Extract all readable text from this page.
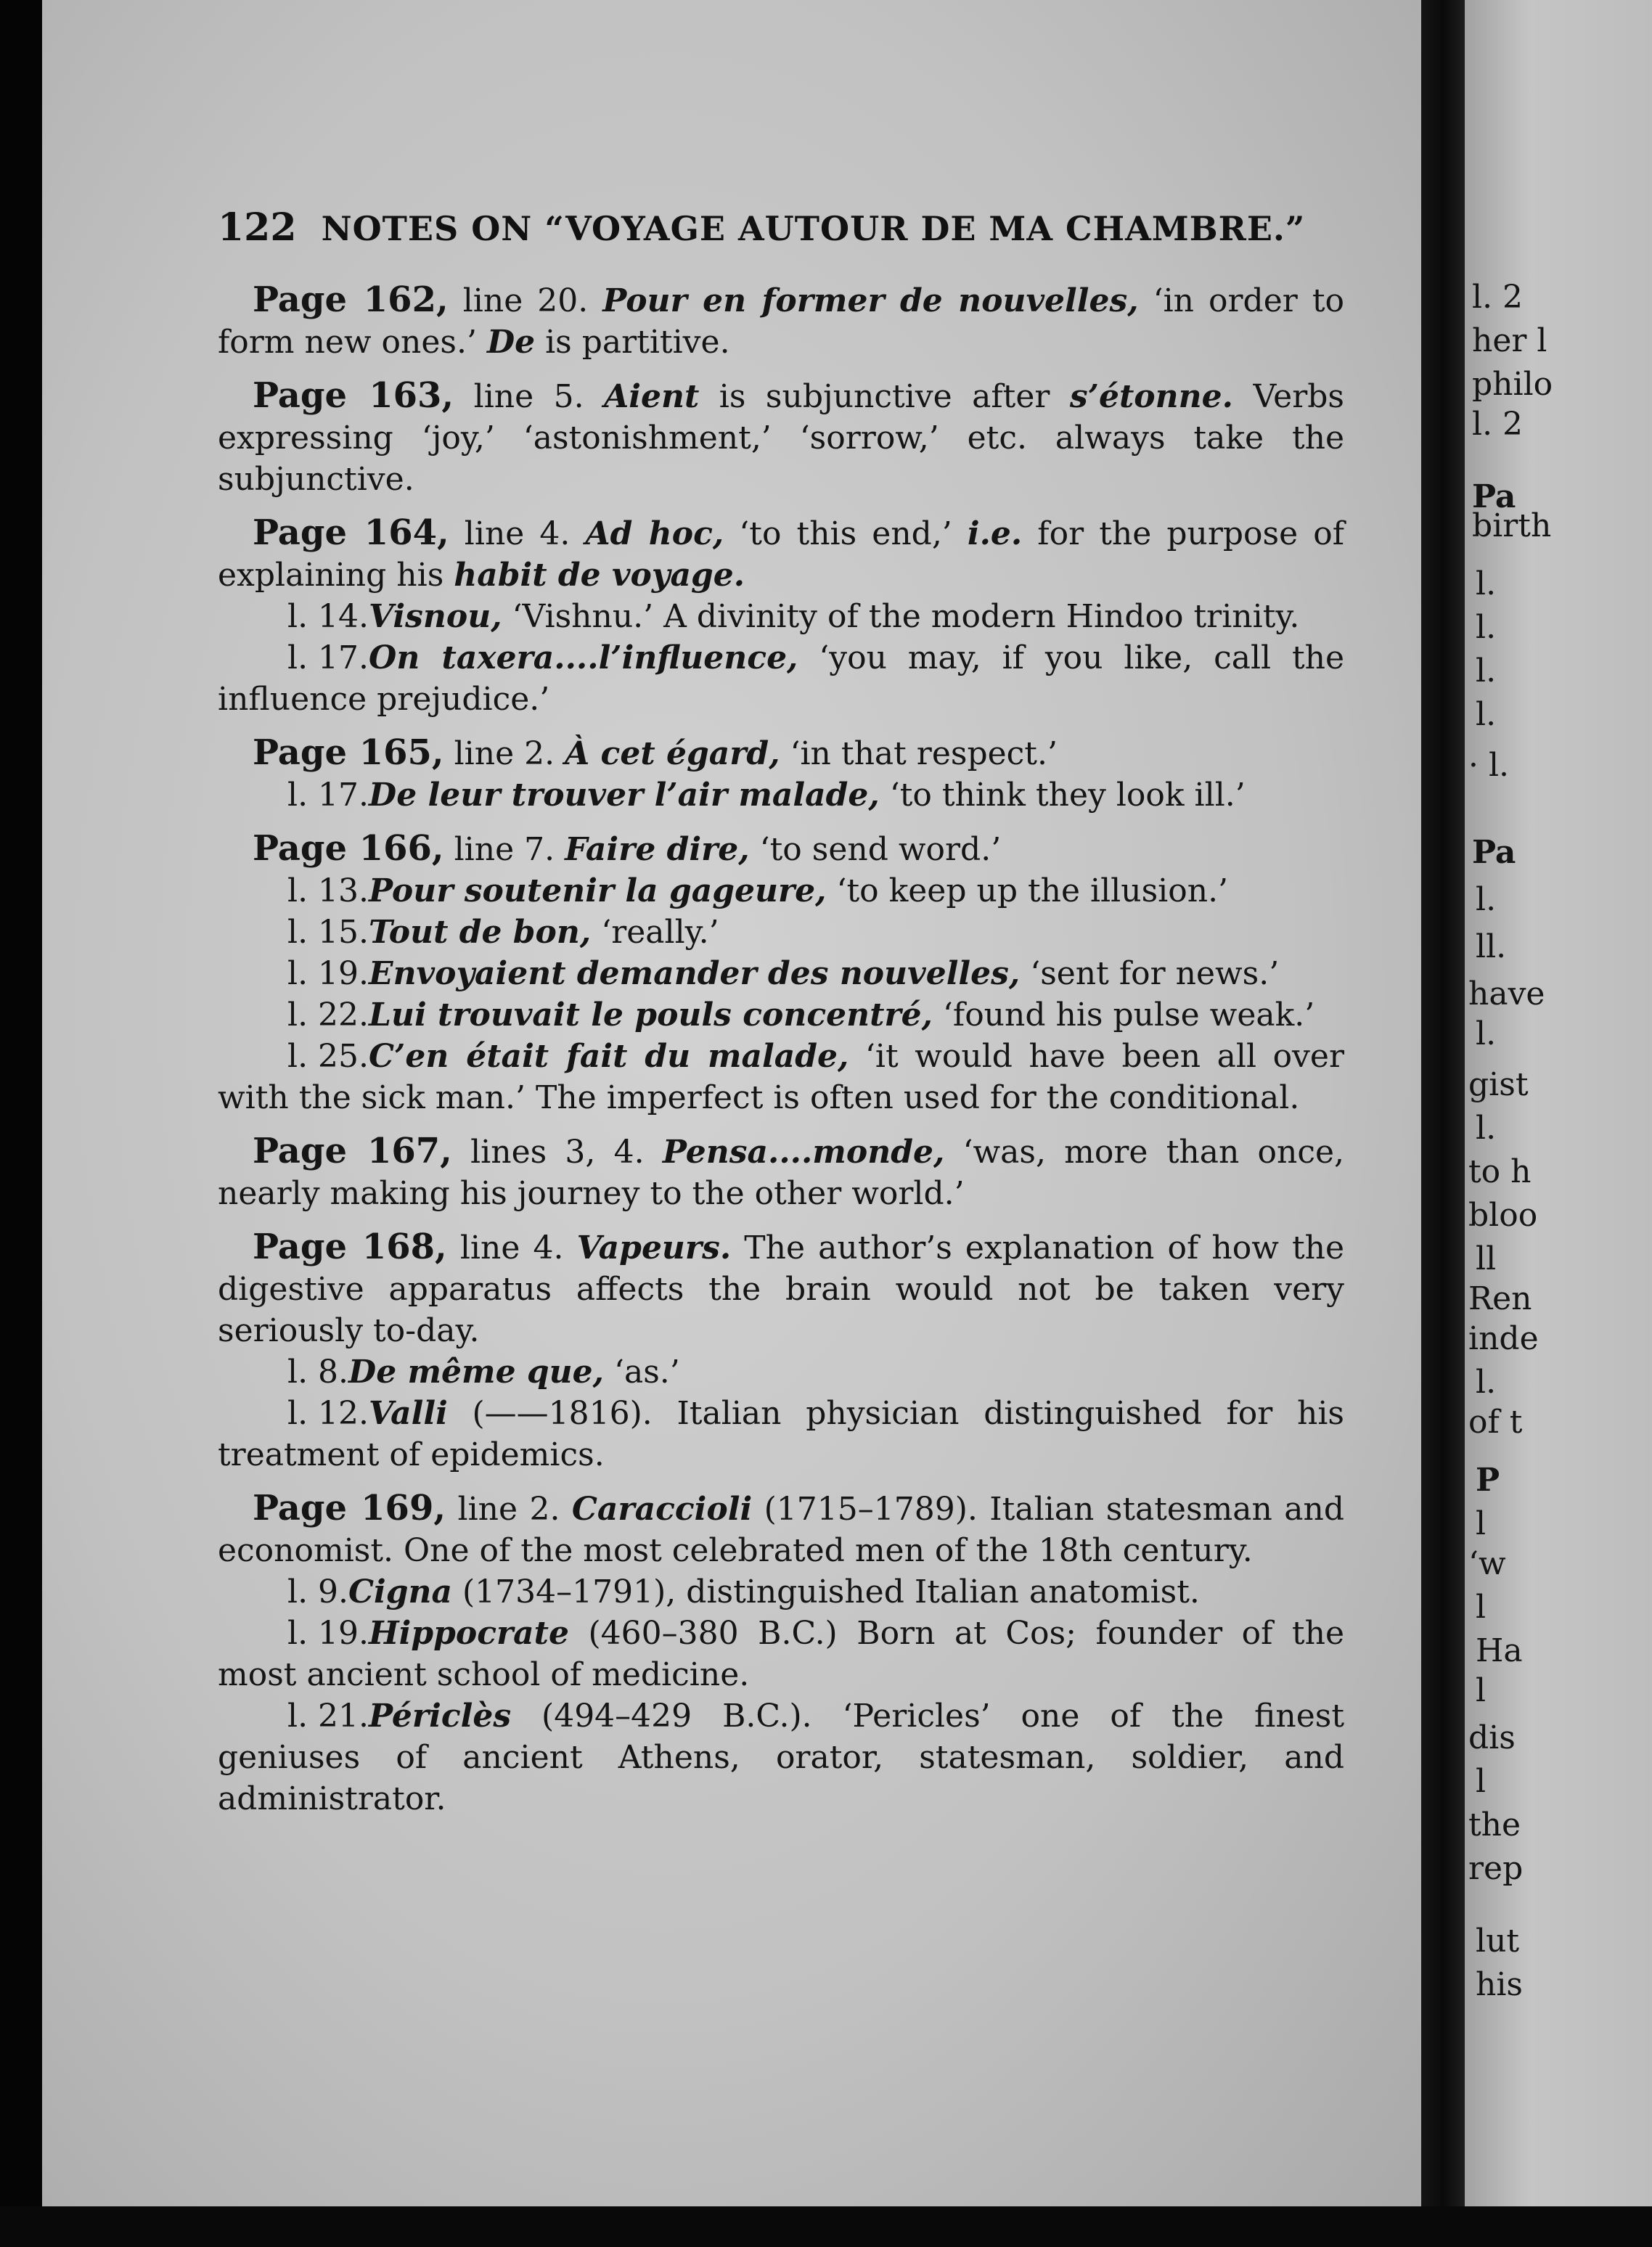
l. 2
her l
philo
l. 2
Pa
birth
l.
l.
l.
l.
· l.
Pa
l.
ll.
have
l.
gist
l.
to h
bloo
ll
Ren
inde
l.
of t
P
l
‘w
l
Ha
l
dis
l
the
rep
lut
his
122 NOTES ON “VOYAGE AUTOUR DE MA CHAMBRE.”

Page 162, line 20. Pour en former de nouvelles, ‘in order to form new ones.’ De is partitive.

Page 163, line 5. Aient is subjunctive after s’étonne. Verbs expressing ‘joy,’ ‘astonishment,’ ‘sorrow,’ etc. always take the subjunctive.

Page 164, line 4. Ad hoc, ‘to this end,’ i.e. for the purpose of explaining his habit de voyage.

l. 14.Visnou, ‘Vishnu.’ A divinity of the modern Hindoo trinity.

l. 17.On taxera....l’influence, ‘you may, if you like, call the influence prejudice.’

Page 165, line 2. À cet égard, ‘in that respect.’

l. 17.De leur trouver l’air malade, ‘to think they look ill.’

Page 166, line 7. Faire dire, ‘to send word.’

l. 13.Pour soutenir la gageure, ‘to keep up the illusion.’

l. 15.Tout de bon, ‘really.’

l. 19.Envoyaient demander des nouvelles, ‘sent for news.’

l. 22.Lui trouvait le pouls concentré, ‘found his pulse weak.’

l. 25.C’en était fait du malade, ‘it would have been all over with the sick man.’ The imperfect is often used for the conditional.

Page 167, lines 3, 4. Pensa....monde, ‘was, more than once, nearly making his journey to the other world.’

Page 168, line 4. Vapeurs. The author’s explanation of how the digestive apparatus affects the brain would not be taken very seriously to-day.

l. 8.De même que, ‘as.’

l. 12.Valli (——1816). Italian physician distinguished for his treatment of epidemics.

Page 169, line 2. Caraccioli (1715–1789). Italian statesman and economist. One of the most celebrated men of the 18th century.

l. 9.Cigna (1734–1791), distinguished Italian anatomist.

l. 19.Hippocrate (460–380 B.C.) Born at Cos; founder of the most ancient school of medicine.

l. 21.Périclès (494–429 B.C.). ‘Pericles’ one of the finest geniuses of ancient Athens, orator, statesman, soldier, and administrator.
